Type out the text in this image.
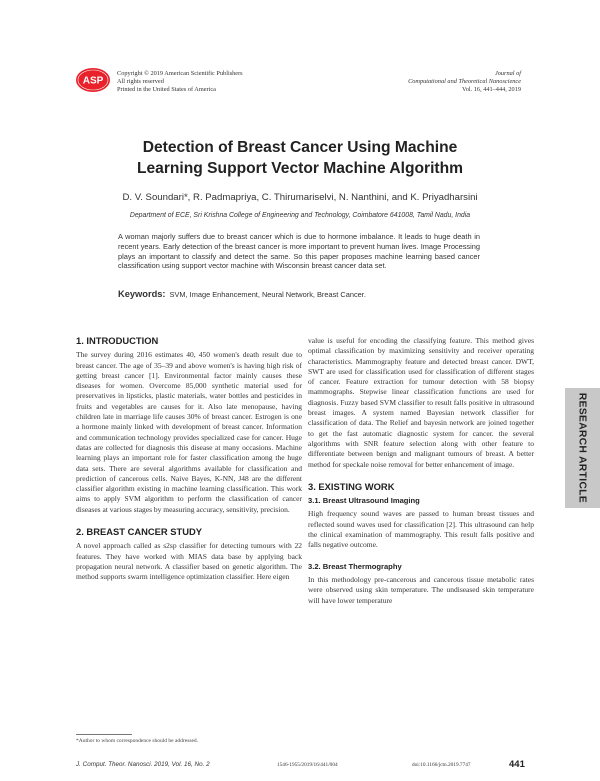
ASP
Copyright © 2019 American Scientific Publishers
All rights reserved
Printed in the United States of America
Journal of
Computational and Theoretical Nanoscience
Vol. 16, 441–444, 2019
Detection of Breast Cancer Using Machine
Learning Support Vector Machine Algorithm
D. V. Soundari*, R. Padmapriya, C. Thirumariselvi, N. Nanthini, and K. Priyadharsini
Department of ECE, Sri Krishna College of Engineering and Technology, Coimbatore 641008, Tamil Nadu, India
A woman majorly suffers due to breast cancer which is due to hormone imbalance. It leads to huge death in recent years. Early detection of the breast cancer is more important to prevent human lives. Image Processing plays an important to classify and detect the same. So this paper proposes machine learning based cancer classification using support vector machine with Wisconsin breast cancer data set.
Keywords: SVM, Image Enhancement, Neural Network, Breast Cancer.
1. INTRODUCTION

The survey during 2016 estimates 40, 450 women's death result due to breast cancer. The age of 35–39 and above women's is having high risk of getting breast cancer [1]. Environmental factor mainly causes these diseases for women. Overcome 85,000 synthetic material used for preservatives in lipsticks, plastic materials, water bottles and pesticides in fruits and vegetables are causes for it. Also late menopause, having children late in marriage life causes 30% of breast cancer. Estrogen is one a hormone mainly linked with development of breast cancer. Information and communication technology provides specialized case for cancer. Huge datas are collected for diagnosis this disease at many occasions. Machine learning plays an important role for faster classification among the huge data sets. There are several algorithms available for classification and prediction of cancerous cells. Naive Bayes, K-NN, J48 are the different classifier algorithm existing in machine learning classification. This work aims to apply SVM algorithm to perform the classification of cancer diseases at various stages by measuring accuracy, sensitivity, precision.

2. BREAST CANCER STUDY

A novel approach called as s2sp classifier for detecting tumours with 22 features. They have worked with MIAS data base by applying back propagation neural network. A classifier based on genetic algorithm. The method supports swarm intelligence optimization classifier. Here eigen

value is useful for encoding the classifying feature. This method gives optimal classification by maximizing sensitivity and receiver operating characteristics. Mammography feature and detected breast cancer. DWT, SWT are used for classification used for classification of different stages of cancer. Feature extraction for tumour detection with 58 biopsy mammographs. Stepwise linear classification functions are used for diagnosis. Fuzzy based SVM classifier to result falls positive in ultrasound breast images. A system named Bayesian network classifier for classification of data. The Relief and bayesin network are joined together to get the fast automatic diagnostic system for cancer. the several algorithms with SNR feature selection along with other feature to differentiate between benign and malignant tumours of breast. A better method for speckale noise removal for better enhancement of image.

3. EXISTING WORK
3.1. Breast Ultrasound Imaging

High frequency sound waves are passed to human breast tissues and reflected sound waves used for classification [2]. This ultrasound can help the clinical examination of mammography. This result falls positive and falls negative outcome.

3.2. Breast Thermography

In this methodology pre-cancerous and cancerous tissue metabolic rates were observed using skin temperature. The undiseased skin temperature will have lower temperature

*Author to whom correspondence should be addressed.
RESEARCH ARTICLE
J. Comput. Theor. Nanosci. 2019, Vol. 16, No. 2	1546-1955/2019/16/441/004	doi:10.1166/jctn.2019.7747	441
